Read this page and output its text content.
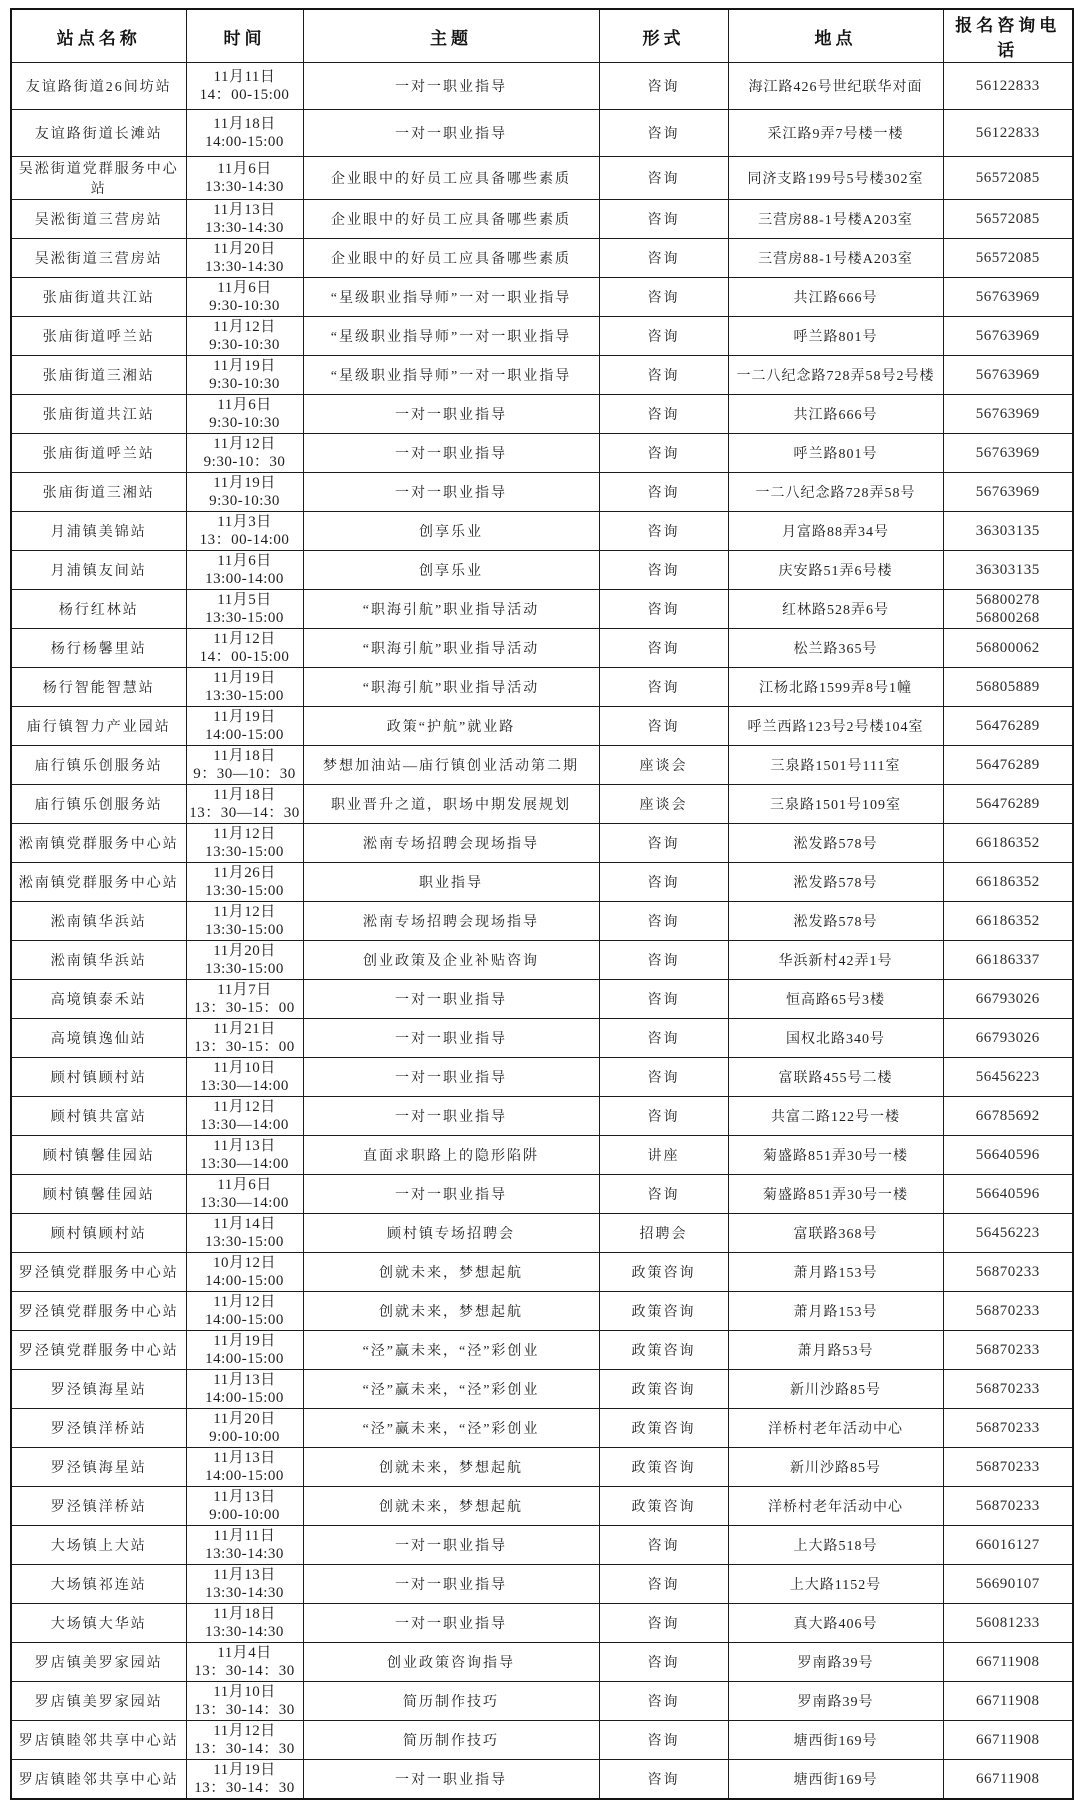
站点名称	时间	主题	形式	地点	报名咨询电话
友谊路街道26间坊站	11月11日
14：00-15:00	一对一职业指导	咨询	海江路426号世纪联华对面	56122833

友谊路街道长滩站	11月18日
14:00-15:00	一对一职业指导	咨询	采江路9弄7号楼一楼	56122833

吴淞街道党群服务中心站	11月6日
13:30-14:30	企业眼中的好员工应具备哪些素质	咨询	同济支路199号5号楼302室	56572085

吴淞街道三营房站	11月13日
13:30-14:30	企业眼中的好员工应具备哪些素质	咨询	三营房88-1号楼A203室	56572085

吴淞街道三营房站	11月20日
13:30-14:30	企业眼中的好员工应具备哪些素质	咨询	三营房88-1号楼A203室	56572085

张庙街道共江站	11月6日
9:30-10:30	“星级职业指导师”一对一职业指导	咨询	共江路666号	56763969

张庙街道呼兰站	11月12日
9:30-10:30	“星级职业指导师”一对一职业指导	咨询	呼兰路801号	56763969

张庙街道三湘站	11月19日
9:30-10:30	“星级职业指导师”一对一职业指导	咨询	一二八纪念路728弄58号2号楼	56763969

张庙街道共江站	11月6日
9:30-10:30	一对一职业指导	咨询	共江路666号	56763969

张庙街道呼兰站	11月12日
9:30-10：30	一对一职业指导	咨询	呼兰路801号	56763969

张庙街道三湘站	11月19日
9:30-10:30	一对一职业指导	咨询	一二八纪念路728弄58号	56763969

月浦镇美锦站	11月3日
13：00-14:00	创享乐业	咨询	月富路88弄34号	36303135

月浦镇友间站	11月6日
13:00-14:00	创享乐业	咨询	庆安路51弄6号楼	36303135

杨行红林站	
11月5日
13:30-15:00	“职海引航”职业指导活动	咨询	红林路528弄6号	
56800278
56800268

杨行杨馨里站	11月12日
14：00-15:00	“职海引航”职业指导活动	咨询	松兰路365号	56800062

杨行智能智慧站	11月19日
13:30-15:00	“职海引航”职业指导活动	咨询	江杨北路1599弄8号1幢	56805889

庙行镇智力产业园站	11月19日
14:00-15:00	政策“护航”就业路	咨询	呼兰西路123号2号楼104室	56476289

庙行镇乐创服务站	11月18日
9：30—10：30	梦想加油站—庙行镇创业活动第二期	座谈会	三泉路1501号111室	56476289

庙行镇乐创服务站	11月18日
13：30—14：30	职业晋升之道，职场中期发展规划	座谈会	三泉路1501号109室	56476289

淞南镇党群服务中心站	11月12日
13:30-15:00	淞南专场招聘会现场指导	咨询	淞发路578号	66186352

淞南镇党群服务中心站	11月26日
13:30-15:00	职业指导	咨询	淞发路578号	66186352

淞南镇华浜站	11月12日
13:30-15:00	淞南专场招聘会现场指导	咨询	淞发路578号	66186352

淞南镇华浜站	11月20日
13:30-15:00	创业政策及企业补贴咨询	咨询	华浜新村42弄1号	66186337

高境镇泰禾站	11月7日
13：30-15：00	一对一职业指导	咨询	恒高路65号3楼	66793026

高境镇逸仙站	11月21日
13：30-15：00	一对一职业指导	咨询	国权北路340号	66793026

顾村镇顾村站	11月10日
13:30—14:00	一对一职业指导	咨询	富联路455号二楼	56456223

顾村镇共富站	11月12日
13:30—14:00	一对一职业指导	咨询	共富二路122号一楼	66785692

顾村镇馨佳园站	11月13日
13:30—14:00	直面求职路上的隐形陷阱	讲座	菊盛路851弄30号一楼	56640596

顾村镇馨佳园站	11月6日
13:30—14:00	一对一职业指导	咨询	菊盛路851弄30号一楼	56640596

顾村镇顾村站	11月14日
13:30-15:00	顾村镇专场招聘会	招聘会	富联路368号	56456223

罗泾镇党群服务中心站	10月12日
14:00-15:00	创就未来，梦想起航	政策咨询	萧月路153号	56870233

罗泾镇党群服务中心站	11月12日
14:00-15:00	创就未来，梦想起航	政策咨询	萧月路153号	56870233

罗泾镇党群服务中心站	11月19日
14:00-15:00	“泾”赢未来，“泾”彩创业	政策咨询	萧月路53号	56870233

罗泾镇海星站	11月13日
14:00-15:00	“泾”赢未来，“泾”彩创业	政策咨询	新川沙路85号	56870233

罗泾镇洋桥站	11月20日
9:00-10:00	“泾”赢未来，“泾”彩创业	政策咨询	洋桥村老年活动中心	56870233

罗泾镇海星站	11月13日
14:00-15:00	创就未来，梦想起航	政策咨询	新川沙路85号	56870233

罗泾镇洋桥站	11月13日
9:00-10:00	创就未来，梦想起航	政策咨询	洋桥村老年活动中心	56870233

大场镇上大站	11月11日
13:30-14:30	一对一职业指导	咨询	上大路518号	66016127

大场镇祁连站	11月13日
13:30-14:30	一对一职业指导	咨询	上大路1152号	56690107

大场镇大华站	11月18日
13:30-14:30	一对一职业指导	咨询	真大路406号	56081233

罗店镇美罗家园站	11月4日
13：30-14：30	创业政策咨询指导	咨询	罗南路39号	66711908

罗店镇美罗家园站	11月10日
13：30-14：30	简历制作技巧	咨询	罗南路39号	66711908

罗店镇睦邻共享中心站	11月12日
13：30-14：30	简历制作技巧	咨询	塘西街169号	66711908

罗店镇睦邻共享中心站	11月19日
13：30-14：30	一对一职业指导	咨询	塘西街169号	66711908
